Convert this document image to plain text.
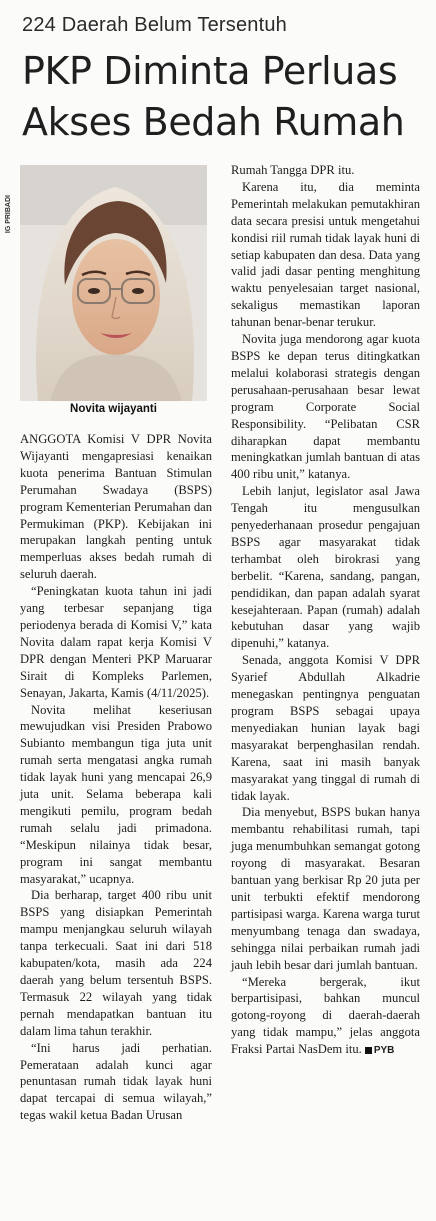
224 Daerah Belum Tersentuh
PKP Diminta Perluas
Akses Bedah Rumah
IG PRIBADI
Novita wijayanti

ANGGOTA Komisi V DPR Novita Wijayanti mengapresiasi kenaikan kuota penerima Bantuan Stimulan Perumahan Swadaya (BSPS) program Kementerian Perumahan dan Permukiman (PKP). Kebijakan ini merupakan langkah penting untuk memperluas akses bedah rumah di seluruh daerah.

“Peningkatan kuota tahun ini jadi yang terbesar sepanjang tiga periodenya berada di Komisi V,” kata Novita dalam rapat kerja Komisi V DPR dengan Menteri PKP Maruarar Sirait di Kompleks Parlemen, Senayan, Jakarta, Kamis (4/11/2025).

Novita melihat keseriusan mewujudkan visi Presiden Prabowo Subianto membangun tiga juta unit rumah serta mengatasi angka rumah tidak layak huni yang mencapai 26,9 juta unit. Selama beberapa kali mengikuti pemilu, program bedah rumah selalu jadi primadona. “Meskipun nilainya tidak besar, program ini sangat membantu masyarakat,” ucapnya.

Dia berharap, target 400 ribu unit BSPS yang disiapkan Pemerintah mampu menjangkau seluruh wilayah tanpa terkecuali. Saat ini dari 518 kabupaten/kota, masih ada 224 daerah yang belum tersentuh BSPS. Termasuk 22 wilayah yang tidak pernah mendapatkan bantuan itu dalam lima tahun terakhir.

“Ini harus jadi perhatian. Pemerataan adalah kunci agar penuntasan rumah tidak layak huni dapat tercapai di semua wilayah,” tegas wakil ketua Badan Urusan

Rumah Tangga DPR itu.

Karena itu, dia meminta Pemerintah melakukan pemutakhiran data secara presisi untuk mengetahui kondisi riil rumah tidak layak huni di setiap kabupaten dan desa. Data yang valid jadi dasar penting menghitung waktu penyelesaian target nasional, sekaligus memastikan laporan tahunan benar-benar terukur.

Novita juga mendorong agar kuota BSPS ke depan terus ditingkatkan melalui kolaborasi strategis dengan perusahaan-perusahaan besar lewat program Corporate Social Responsibility. “Pelibatan CSR diharapkan dapat membantu meningkatkan jumlah bantuan di atas 400 ribu unit,” katanya.

Lebih lanjut, legislator asal Jawa Tengah itu mengusulkan penyederhanaan prosedur pengajuan BSPS agar masyarakat tidak terhambat oleh birokrasi yang berbelit. “Karena, sandang, pangan, pendidikan, dan papan adalah syarat kesejahteraan. Papan (rumah) adalah kebutuhan dasar yang wajib dipenuhi,” katanya.

Senada, anggota Komisi V DPR Syarief Abdullah Alkadrie menegaskan pentingnya penguatan program BSPS sebagai upaya menyediakan hunian layak bagi masyarakat berpenghasilan rendah. Karena, saat ini masih banyak masyarakat yang tinggal di rumah di tidak layak.

Dia menyebut, BSPS bukan hanya membantu rehabilitasi rumah, tapi juga menumbuhkan semangat gotong royong di masyarakat. Besaran bantuan yang berkisar Rp 20 juta per unit terbukti efektif mendorong partisipasi warga. Karena warga turut menyumbang tenaga dan swadaya, sehingga nilai perbaikan rumah jadi jauh lebih besar dari jumlah bantuan.

“Mereka bergerak, ikut berpartisipasi, bahkan muncul gotong-royong di daerah-daerah yang tidak mampu,” jelas anggota Fraksi Partai NasDem itu. PYB
